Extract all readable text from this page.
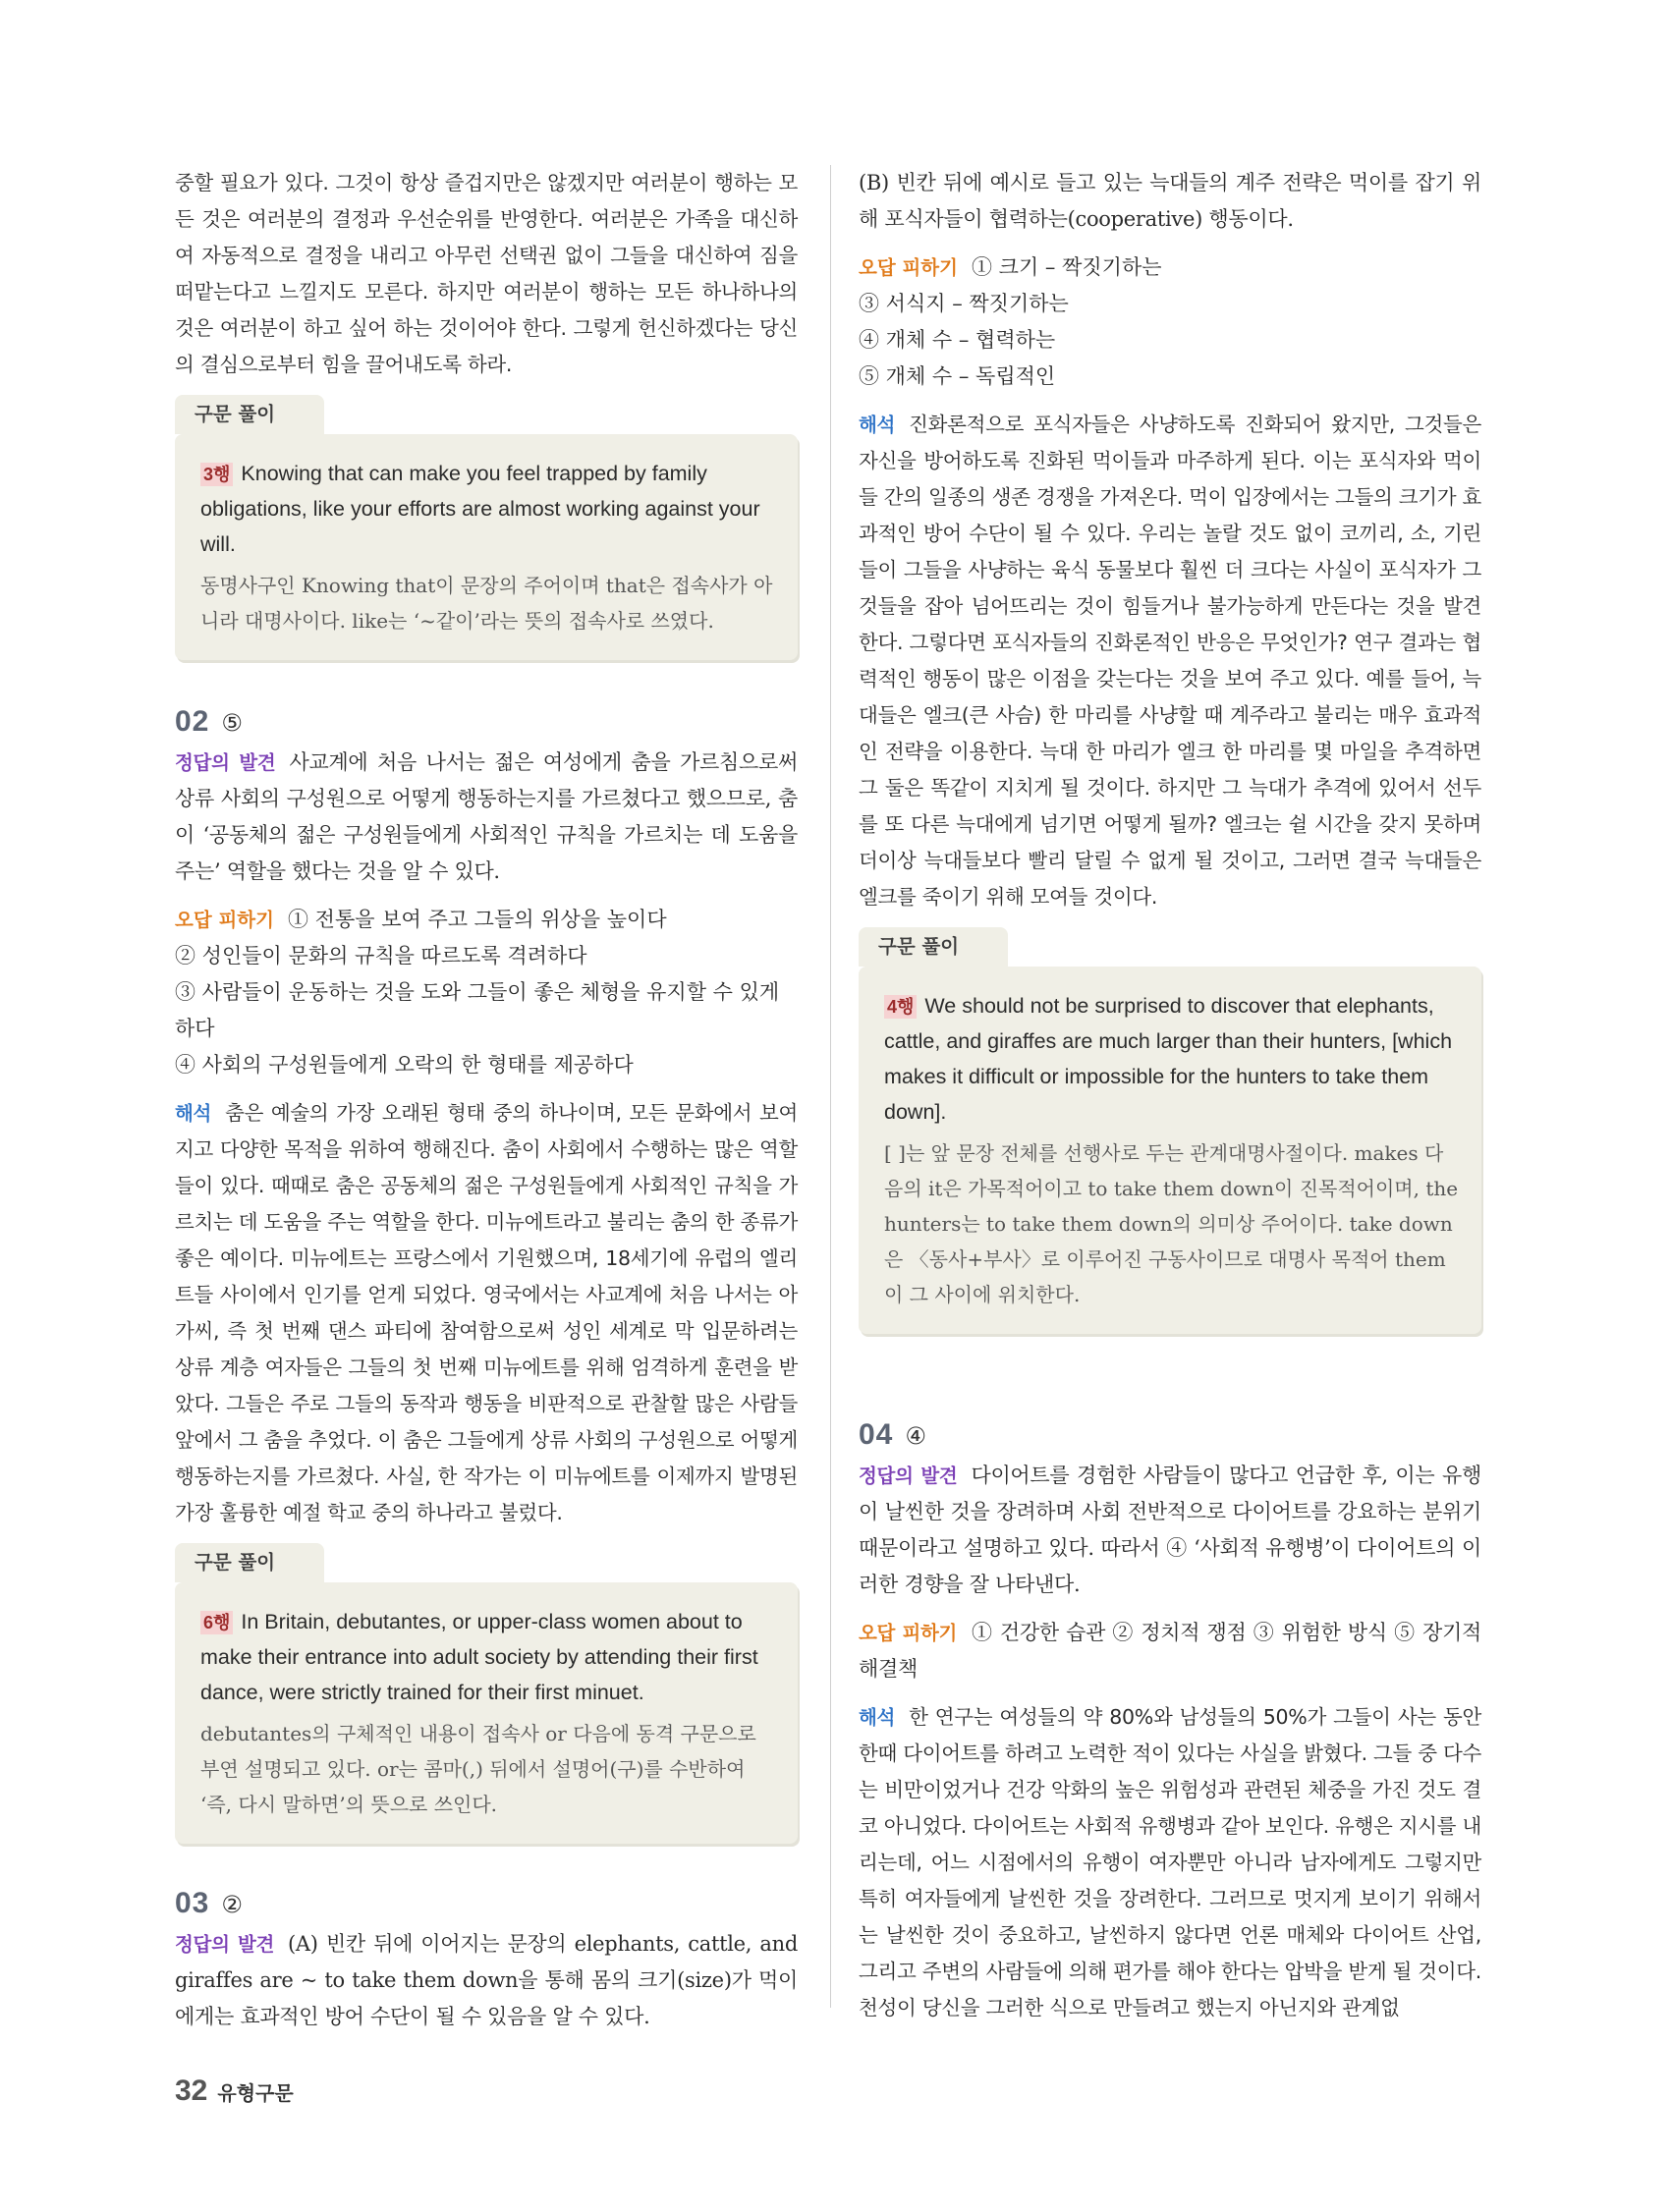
중할 필요가 있다. 그것이 항상 즐겁지만은 않겠지만 여러분이 행하는 모든 것은 여러분의 결정과 우선순위를 반영한다. 여러분은 가족을 대신하여 자동적으로 결정을 내리고 아무런 선택권 없이 그들을 대신하여 짐을 떠맡는다고 느낄지도 모른다. 하지만 여러분이 행하는 모든 하나하나의 것은 여러분이 하고 싶어 하는 것이어야 한다. 그렇게 헌신하겠다는 당신의 결심으로부터 힘을 끌어내도록 하라.

구문 풀이

3행 Knowing that can make you feel trapped by family obligations, like your efforts are almost working against your will.

동명사구인 Knowing that이 문장의 주어이며 that은 접속사가 아니라 대명사이다. like는 ‘~같이’라는 뜻의 접속사로 쓰였다.

02 ⑤

정답의 발견 사교계에 처음 나서는 젊은 여성에게 춤을 가르침으로써 상류 사회의 구성원으로 어떻게 행동하는지를 가르쳤다고 했으므로, 춤이 ‘공동체의 젊은 구성원들에게 사회적인 규칙을 가르치는 데 도움을 주는’ 역할을 했다는 것을 알 수 있다.

오답 피하기 ① 전통을 보여 주고 그들의 위상을 높이다

② 성인들이 문화의 규칙을 따르도록 격려하다

③ 사람들이 운동하는 것을 도와 그들이 좋은 체형을 유지할 수 있게 하다

④ 사회의 구성원들에게 오락의 한 형태를 제공하다

해석 춤은 예술의 가장 오래된 형태 중의 하나이며, 모든 문화에서 보여지고 다양한 목적을 위하여 행해진다. 춤이 사회에서 수행하는 많은 역할들이 있다. 때때로 춤은 공동체의 젊은 구성원들에게 사회적인 규칙을 가르치는 데 도움을 주는 역할을 한다. 미뉴에트라고 불리는 춤의 한 종류가 좋은 예이다. 미뉴에트는 프랑스에서 기원했으며, 18세기에 유럽의 엘리트들 사이에서 인기를 얻게 되었다. 영국에서는 사교계에 처음 나서는 아가씨, 즉 첫 번째 댄스 파티에 참여함으로써 성인 세계로 막 입문하려는 상류 계층 여자들은 그들의 첫 번째 미뉴에트를 위해 엄격하게 훈련을 받았다. 그들은 주로 그들의 동작과 행동을 비판적으로 관찰할 많은 사람들 앞에서 그 춤을 추었다. 이 춤은 그들에게 상류 사회의 구성원으로 어떻게 행동하는지를 가르쳤다. 사실, 한 작가는 이 미뉴에트를 이제까지 발명된 가장 훌륭한 예절 학교 중의 하나라고 불렀다.

구문 풀이

6행 In Britain, debutantes, or upper-class women about to make their entrance into adult society by attending their first dance, were strictly trained for their first minuet.

debutantes의 구체적인 내용이 접속사 or 다음에 동격 구문으로 부연 설명되고 있다. or는 콤마(,) 뒤에서 설명어(구)를 수반하여 ‘즉, 다시 말하면’의 뜻으로 쓰인다.

03 ②

정답의 발견 (A) 빈칸 뒤에 이어지는 문장의 elephants, cattle, and giraffes are ~ to take them down을 통해 몸의 크기(size)가 먹이에게는 효과적인 방어 수단이 될 수 있음을 알 수 있다.

(B) 빈칸 뒤에 예시로 들고 있는 늑대들의 계주 전략은 먹이를 잡기 위해 포식자들이 협력하는(cooperative) 행동이다.

오답 피하기 ① 크기 – 짝짓기하는

③ 서식지 – 짝짓기하는

④ 개체 수 – 협력하는

⑤ 개체 수 – 독립적인

해석 진화론적으로 포식자들은 사냥하도록 진화되어 왔지만, 그것들은 자신을 방어하도록 진화된 먹이들과 마주하게 된다. 이는 포식자와 먹이들 간의 일종의 생존 경쟁을 가져온다. 먹이 입장에서는 그들의 크기가 효과적인 방어 수단이 될 수 있다. 우리는 놀랄 것도 없이 코끼리, 소, 기린들이 그들을 사냥하는 육식 동물보다 훨씬 더 크다는 사실이 포식자가 그것들을 잡아 넘어뜨리는 것이 힘들거나 불가능하게 만든다는 것을 발견한다. 그렇다면 포식자들의 진화론적인 반응은 무엇인가? 연구 결과는 협력적인 행동이 많은 이점을 갖는다는 것을 보여 주고 있다. 예를 들어, 늑대들은 엘크(큰 사슴) 한 마리를 사냥할 때 계주라고 불리는 매우 효과적인 전략을 이용한다. 늑대 한 마리가 엘크 한 마리를 몇 마일을 추격하면 그 둘은 똑같이 지치게 될 것이다. 하지만 그 늑대가 추격에 있어서 선두를 또 다른 늑대에게 넘기면 어떻게 될까? 엘크는 쉴 시간을 갖지 못하며 더이상 늑대들보다 빨리 달릴 수 없게 될 것이고, 그러면 결국 늑대들은 엘크를 죽이기 위해 모여들 것이다.

구문 풀이

4행 We should not be surprised to discover that elephants, cattle, and giraffes are much larger than their hunters, [which makes it difficult or impossible for the hunters to take them down].

[ ]는 앞 문장 전체를 선행사로 두는 관계대명사절이다. makes 다음의 it은 가목적어이고 to take them down이 진목적어이며, the hunters는 to take them down의 의미상 주어이다. take down은 〈동사+부사〉로 이루어진 구동사이므로 대명사 목적어 them이 그 사이에 위치한다.

04 ④

정답의 발견 다이어트를 경험한 사람들이 많다고 언급한 후, 이는 유행이 날씬한 것을 장려하며 사회 전반적으로 다이어트를 강요하는 분위기 때문이라고 설명하고 있다. 따라서 ④ ‘사회적 유행병’이 다이어트의 이러한 경향을 잘 나타낸다.

오답 피하기 ① 건강한 습관 ② 정치적 쟁점 ③ 위험한 방식 ⑤ 장기적 해결책

해석 한 연구는 여성들의 약 80%와 남성들의 50%가 그들이 사는 동안 한때 다이어트를 하려고 노력한 적이 있다는 사실을 밝혔다. 그들 중 다수는 비만이었거나 건강 악화의 높은 위험성과 관련된 체중을 가진 것도 결코 아니었다. 다이어트는 사회적 유행병과 같아 보인다. 유행은 지시를 내리는데, 어느 시점에서의 유행이 여자뿐만 아니라 남자에게도 그렇지만 특히 여자들에게 날씬한 것을 장려한다. 그러므로 멋지게 보이기 위해서는 날씬한 것이 중요하고, 날씬하지 않다면 언론 매체와 다이어트 산업, 그리고 주변의 사람들에 의해 편가를 해야 한다는 압박을 받게 될 것이다. 천성이 당신을 그러한 식으로 만들려고 했는지 아닌지와 관계없

32 유형구문
